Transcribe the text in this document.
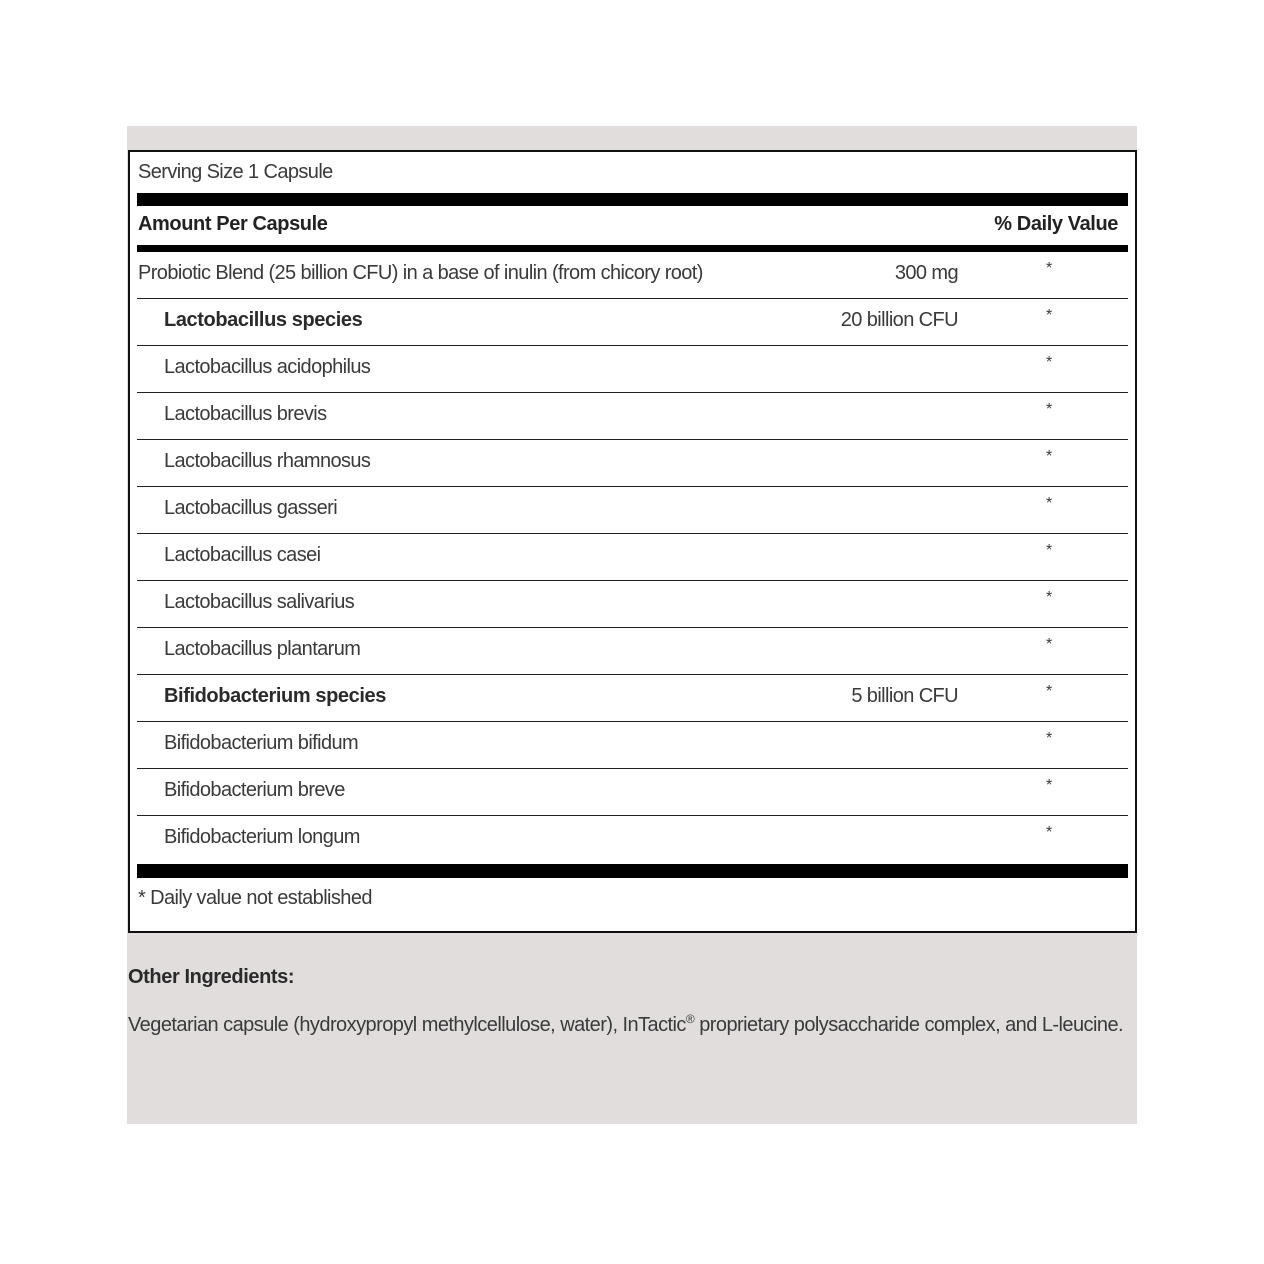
Serving Size 1 Capsule
Amount Per Capsule	% Daily Value
Probiotic Blend (25 billion CFU) in a base of inulin (from chicory root)	300 mg	*
Lactobacillus species	20 billion CFU	*
Lactobacillus acidophilus	*
Lactobacillus brevis	*
Lactobacillus rhamnosus	*
Lactobacillus gasseri	*
Lactobacillus casei	*
Lactobacillus salivarius	*
Lactobacillus plantarum	*
Bifidobacterium species	5 billion CFU	*
Bifidobacterium bifidum	*
Bifidobacterium breve	*
Bifidobacterium longum	*
* Daily value not established
Other Ingredients:
Vegetarian capsule (hydroxypropyl methylcellulose, water), InTactic® proprietary polysaccharide complex, and L-leucine.
